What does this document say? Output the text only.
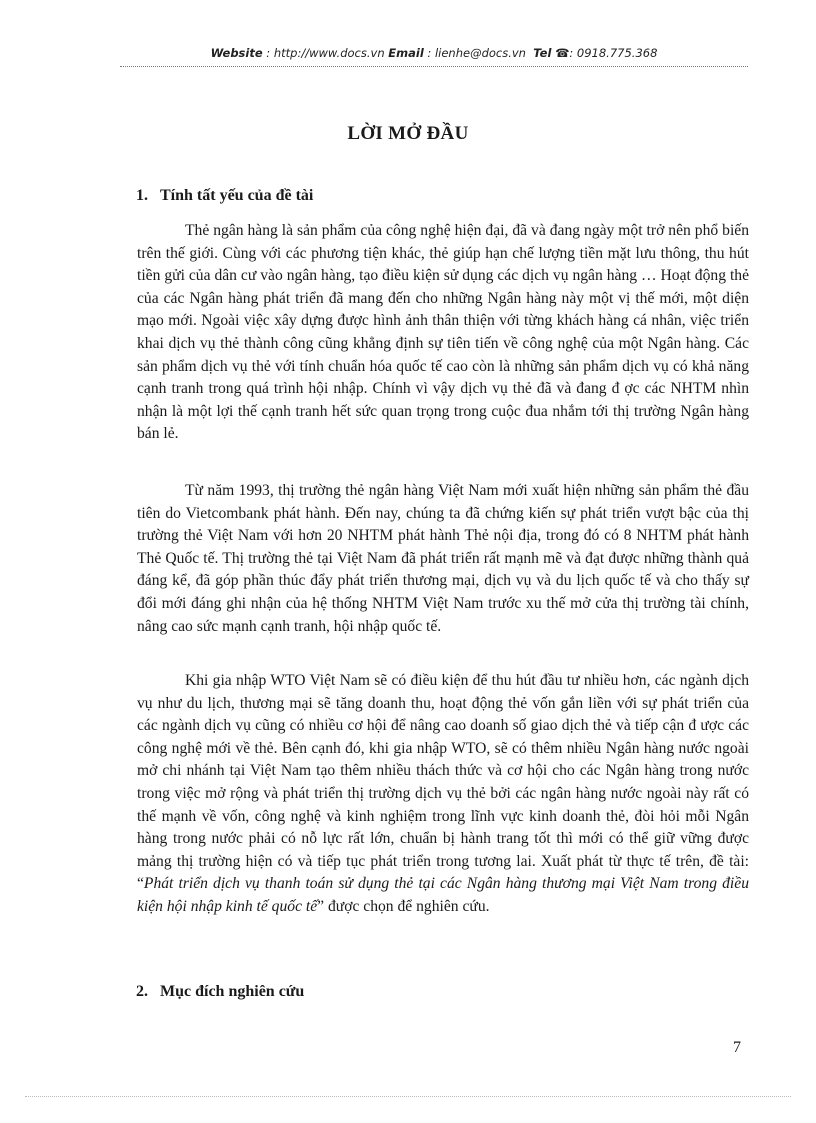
Website : http://www.docs.vn Email : lienhe@docs.vn Tel ☎: 0918.775.368
LỜI MỞ ĐẦU
1. Tính tất yếu của đề tài

Thẻ ngân hàng là sản phẩm của công nghệ hiện đại, đã và đang ngày một trở nên phổ biến trên thế giới. Cùng với các phương tiện khác, thẻ giúp hạn chế lượng tiền mặt lưu thông, thu hút tiền gửi của dân cư vào ngân hàng, tạo điều kiện sử dụng các dịch vụ ngân hàng … Hoạt động thẻ của các Ngân hàng phát triển đã mang đến cho những Ngân hàng này một vị thế mới, một diện mạo mới. Ngoài việc xây dựng được hình ảnh thân thiện với từng khách hàng cá nhân, việc triển khai dịch vụ thẻ thành công cũng khẳng định sự tiên tiến về công nghệ của một Ngân hàng. Các sản phẩm dịch vụ thẻ với tính chuẩn hóa quốc tế cao còn là những sản phẩm dịch vụ có khả năng cạnh tranh trong quá trình hội nhập. Chính vì vậy dịch vụ thẻ đã và đang đ ợc các NHTM nhìn nhận là một lợi thế cạnh tranh hết sức quan trọng trong cuộc đua nhắm tới thị trường Ngân hàng bán lẻ.

Từ năm 1993, thị trường thẻ ngân hàng Việt Nam mới xuất hiện những sản phẩm thẻ đầu tiên do Vietcombank phát hành. Đến nay, chúng ta đã chứng kiến sự phát triển vượt bậc của thị trường thẻ Việt Nam với hơn 20 NHTM phát hành Thẻ nội địa, trong đó có 8 NHTM phát hành Thẻ Quốc tế. Thị trường thẻ tại Việt Nam đã phát triển rất mạnh mẽ và đạt được những thành quả đáng kể, đã góp phần thúc đẩy phát triển thương mại, dịch vụ và du lịch quốc tế và cho thấy sự đổi mới đáng ghi nhận của hệ thống NHTM Việt Nam trước xu thế mở cửa thị trường tài chính, nâng cao sức mạnh cạnh tranh, hội nhập quốc tế.

Khi gia nhập WTO Việt Nam sẽ có điều kiện để thu hút đầu tư nhiều hơn, các ngành dịch vụ như du lịch, thương mại sẽ tăng doanh thu, hoạt động thẻ vốn gắn liền với sự phát triển của các ngành dịch vụ cũng có nhiều cơ hội để nâng cao doanh số giao dịch thẻ và tiếp cận đ ược các công nghệ mới về thẻ. Bên cạnh đó, khi gia nhập WTO, sẽ có thêm nhiều Ngân hàng nước ngoài mở chi nhánh tại Việt Nam tạo thêm nhiều thách thức và cơ hội cho các Ngân hàng trong nước trong việc mở rộng và phát triển thị trường dịch vụ thẻ bởi các ngân hàng nước ngoài này rất có thế mạnh về vốn, công nghệ và kinh nghiệm trong lĩnh vực kinh doanh thẻ, đòi hỏi mỗi Ngân hàng trong nước phải có nỗ lực rất lớn, chuẩn bị hành trang tốt thì mới có thể giữ vững được mảng thị trường hiện có và tiếp tục phát triển trong tương lai. Xuất phát từ thực tế trên, đề tài: “Phát triển dịch vụ thanh toán sử dụng thẻ tại các Ngân hàng thương mại Việt Nam trong điều kiện hội nhập kinh tế quốc tế” được chọn để nghiên cứu.

2. Mục đích nghiên cứu
7
